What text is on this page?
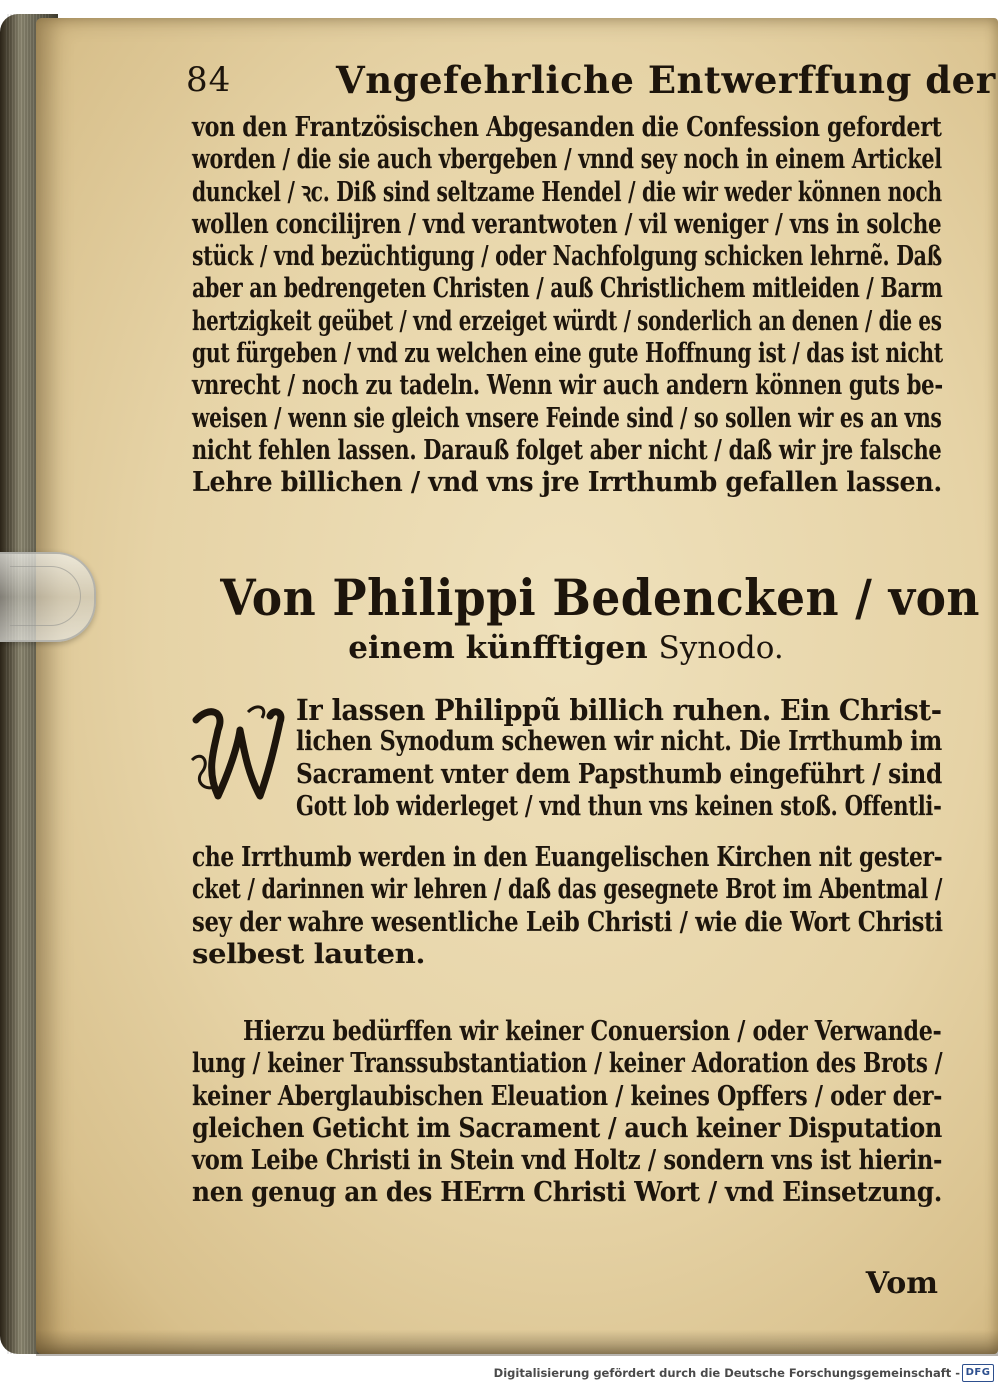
84	Vngefehrliche Entwerffung der
von den Frantzösischen Abgesanden die Confession gefordert
worden / die sie auch vbergeben / vnnd sey noch in einem Artickel
dunckel / ꝛc. Diß sind seltzame Hendel / die wir weder können noch
wollen concilijren / vnd verantwoten / vil weniger / vns in solche
stück / vnd bezüchtigung / oder Nachfolgung schicken lehrnẽ. Daß
aber an bedrengeten Christen / auß Christlichem mitleiden / Barm
hertzigkeit geübet / vnd erzeiget würdt / sonderlich an denen / die es
gut fürgeben / vnd zu welchen eine gute Hoffnung ist / das ist nicht
vnrecht / noch zu tadeln. Wenn wir auch andern können guts be-
weisen / wenn sie gleich vnsere Feinde sind / so sollen wir es an vns
nicht fehlen lassen. Darauß folget aber nicht / daß wir jre falsche
Lehre billichen / vnd vns jre Irrthumb gefallen lassen.
Von Philippi Bedencken / von
einem künfftigen Synodo.
Ir lassen Philippũ billich ruhen. Ein Christ-
lichen Synodum schewen wir nicht. Die Irrthumb im
Sacrament vnter dem Papsthumb eingeführt / sind
Gott lob widerleget / vnd thun vns keinen stoß. Offentli-
che Irrthumb werden in den Euangelischen Kirchen nit gester-
cket / darinnen wir lehren / daß das gesegnete Brot im Abentmal /
sey der wahre wesentliche Leib Christi / wie die Wort Christi
selbest lauten.
Hierzu bedürffen wir keiner Conuersion / oder Verwande-
lung / keiner Transsubstantiation / keiner Adoration des Brots /
keiner Aberglaubischen Eleuation / keines Opffers / oder der-
gleichen Geticht im Sacrament / auch keiner Disputation
vom Leibe Christi in Stein vnd Holtz / sondern vns ist hierin-
nen genug an des HErrn Christi Wort / vnd Einsetzung.
Vom
Digitalisierung gefördert durch die Deutsche Forschungsgemeinschaft - DFG
